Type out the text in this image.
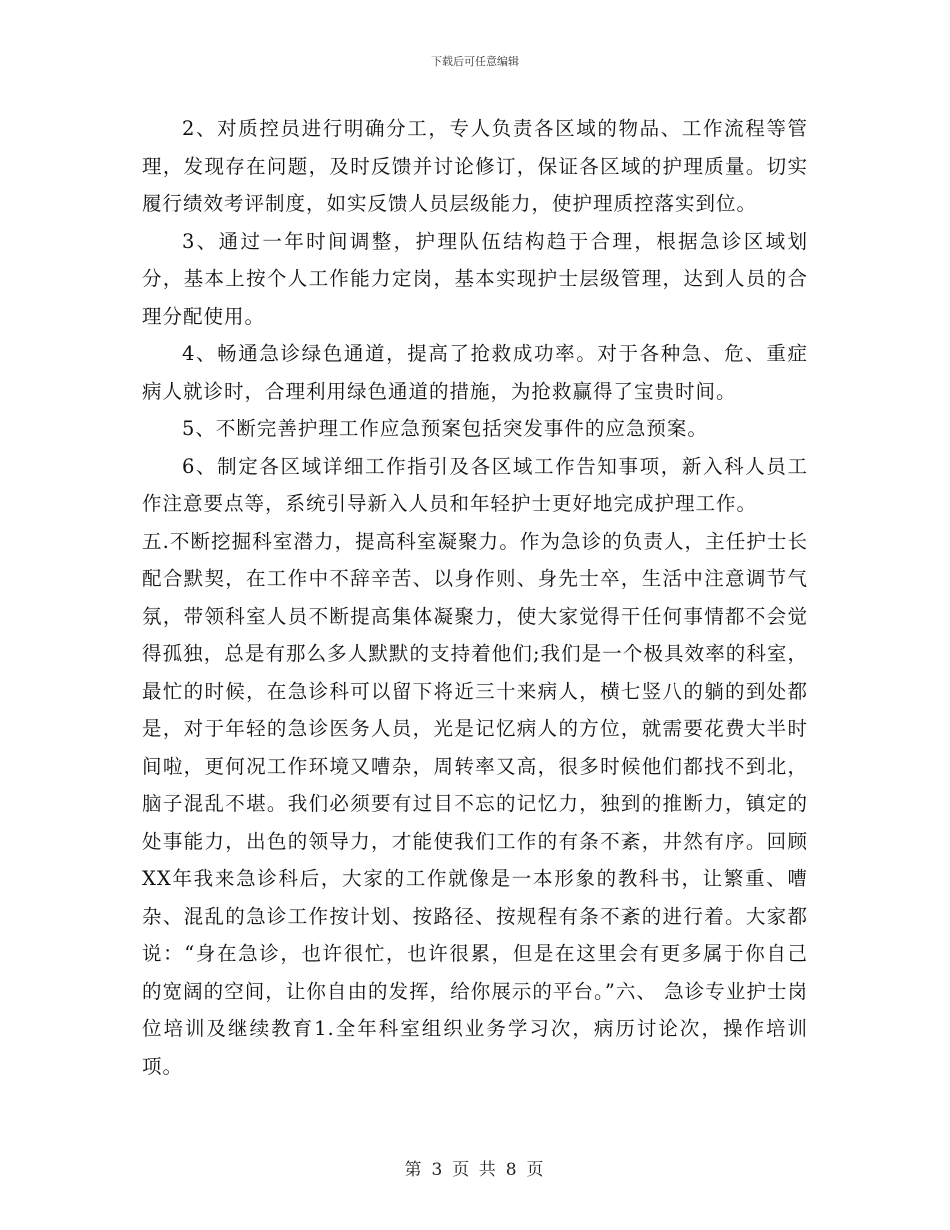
下载后可任意编辑

2、对质控员进行明确分工，专人负责各区域的物品、工作流程等管理，发现存在问题，及时反馈并讨论修订，保证各区域的护理质量。切实履行绩效考评制度，如实反馈人员层级能力，使护理质控落实到位。

3、通过一年时间调整，护理队伍结构趋于合理，根据急诊区域划分，基本上按个人工作能力定岗，基本实现护士层级管理，达到人员的合理分配使用。

4、畅通急诊绿色通道，提高了抢救成功率。对于各种急、危、重症病人就诊时，合理利用绿色通道的措施，为抢救赢得了宝贵时间。

5、不断完善护理工作应急预案包括突发事件的应急预案。

6、制定各区域详细工作指引及各区域工作告知事项，新入科人员工作注意要点等，系统引导新入人员和年轻护士更好地完成护理工作。

五.不断挖掘科室潜力，提高科室凝聚力。作为急诊的负责人，主任护士长配合默契，在工作中不辞辛苦、以身作则、身先士卒，生活中注意调节气氛，带领科室人员不断提高集体凝聚力，使大家觉得干任何事情都不会觉得孤独，总是有那么多人默默的支持着他们;我们是一个极具效率的科室，最忙的时候，在急诊科可以留下将近三十来病人，横七竖八的躺的到处都是，对于年轻的急诊医务人员，光是记忆病人的方位，就需要花费大半时间啦，更何况工作环境又嘈杂，周转率又高，很多时候他们都找不到北，脑子混乱不堪。我们必须要有过目不忘的记忆力，独到的推断力，镇定的处事能力，出色的领导力，才能使我们工作的有条不紊，井然有序。回顾XX年我来急诊科后，大家的工作就像是一本形象的教科书，让繁重、嘈杂、混乱的急诊工作按计划、按路径、按规程有条不紊的进行着。大家都说：“身在急诊，也许很忙，也许很累，但是在这里会有更多属于你自己的宽阔的空间，让你自由的发挥，给你展示的平台。”六、 急诊专业护士岗位培训及继续教育1.全年科室组织业务学习次，病历讨论次，操作培训项。

第 3 页 共 8 页
